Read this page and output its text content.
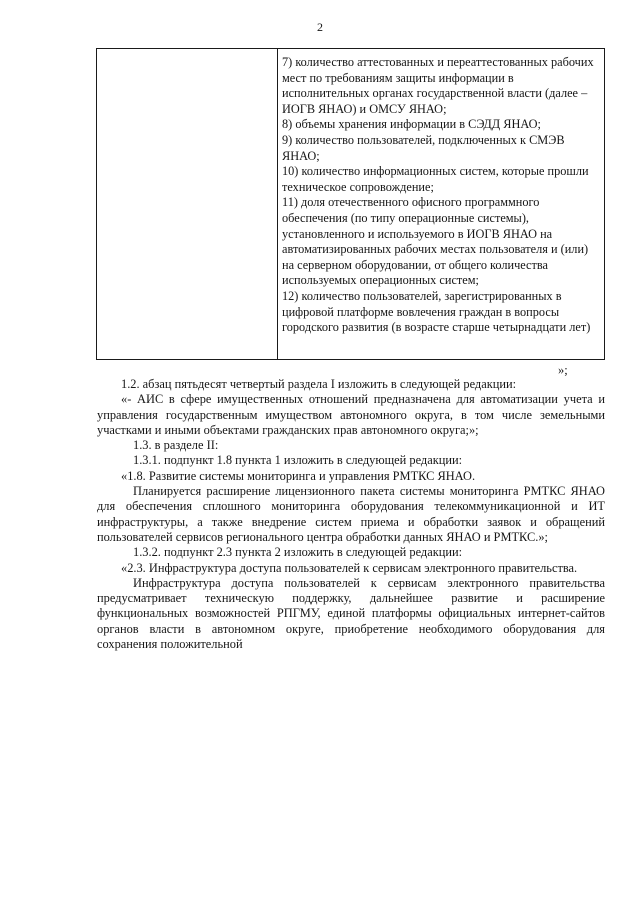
2
7) количество аттестованных и переаттестованных рабочих мест по требованиям защиты информации в исполнительных органах государственной власти (далее – ИОГВ ЯНАО) и ОМСУ ЯНАО;
8) объемы хранения информации в СЭДД ЯНАО;
9) количество пользователей, подключенных к СМЭВ ЯНАО;
10) количество информационных систем, которые прошли техническое сопровождение;
11) доля отечественного офисного программного обеспечения (по типу операционные системы), установленного и используемого в ИОГВ ЯНАО на автоматизированных рабочих местах пользователя и (или) на серверном оборудовании, от общего количества используемых операционных систем;
12) количество пользователей, зарегистрированных в цифровой платформе вовлечения граждан в вопросы городского развития (в возрасте старше четырнадцати лет)
»;

1.2. абзац пятьдесят четвертый раздела I изложить в следующей редакции:

«- АИС в сфере имущественных отношений предназначена для автоматизации учета и управления государственным имуществом автономного округа, в том числе земельными участками и иными объектами гражданских прав автономного округа;»;

1.3. в разделе II:

1.3.1. подпункт 1.8 пункта 1 изложить в следующей редакции:

«1.8. Развитие системы мониторинга и управления РМТКС ЯНАО.

Планируется расширение лицензионного пакета системы мониторинга РМТКС ЯНАО для обеспечения сплошного мониторинга оборудования телекоммуникационной и ИТ инфраструктуры, а также внедрение систем приема и обработки заявок и обращений пользователей сервисов регионального центра обработки данных ЯНАО и РМТКС.»;

1.3.2. подпункт 2.3 пункта 2 изложить в следующей редакции:

«2.3. Инфраструктура доступа пользователей к сервисам электронного правительства.

Инфраструктура доступа пользователей к сервисам электронного правительства предусматривает техническую поддержку, дальнейшее развитие и расширение функциональных возможностей РПГМУ, единой платформы официальных интернет-сайтов органов власти в автономном округе, приобретение необходимого оборудования для сохранения положительной
